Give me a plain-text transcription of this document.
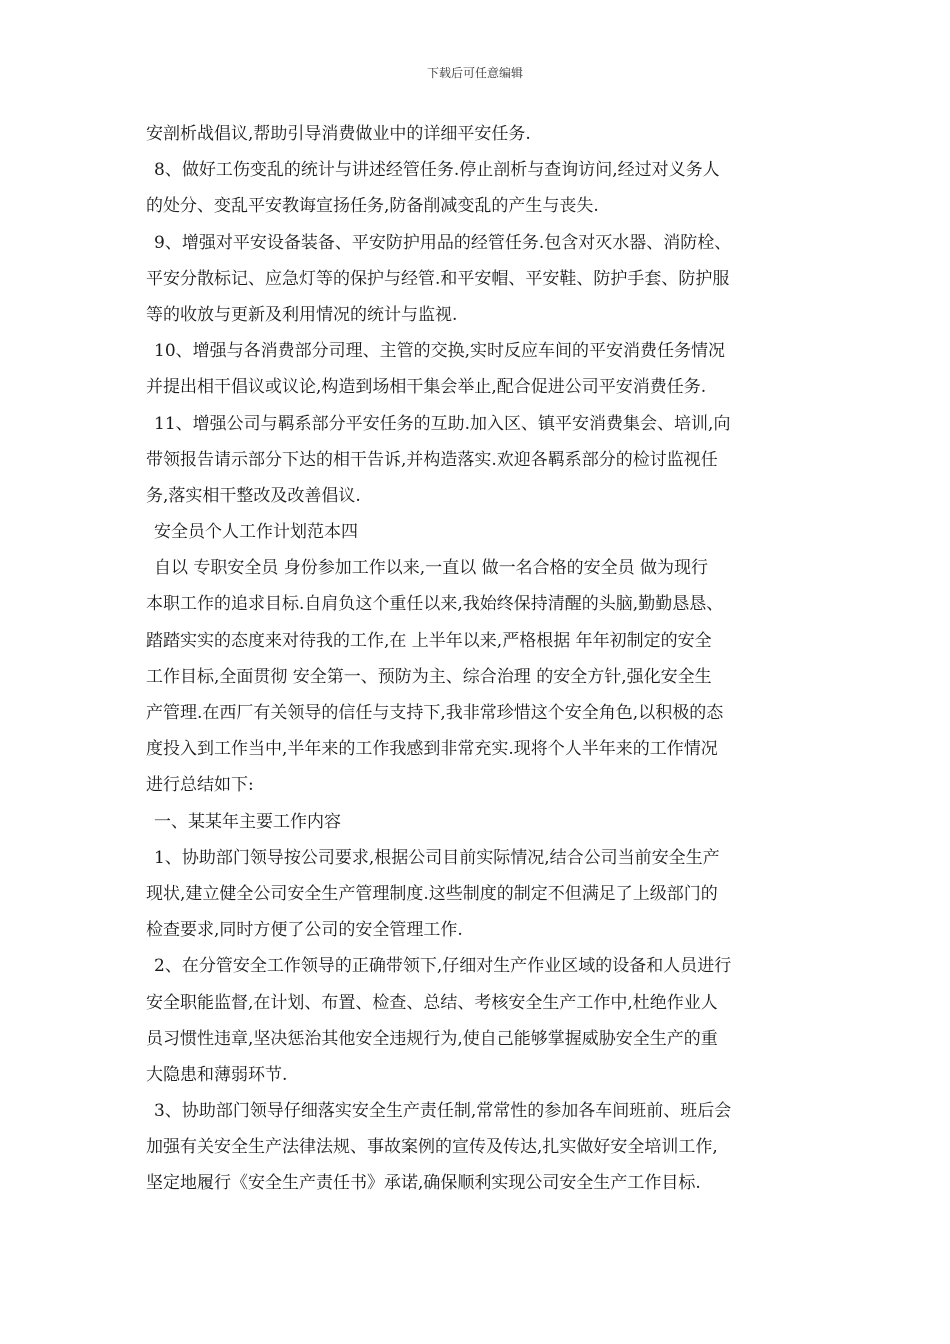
下载后可任意编辑
安剖析战倡议,帮助引导消费做业中的详细平安任务.
8、做好工伤变乱的统计与讲述经管任务.停止剖析与查询访问,经过对义务人
的处分、变乱平安教诲宣扬任务,防备削减变乱的产生与丧失.
9、增强对平安设备装备、平安防护用品的经管任务.包含对灭水器、消防栓、
平安分散标记、应急灯等的保护与经管.和平安帽、平安鞋、防护手套、防护服
等的收放与更新及利用情况的统计与监视.
10、增强与各消费部分司理、主管的交换,实时反应车间的平安消费任务情况
并提出相干倡议或议论,构造到场相干集会举止,配合促进公司平安消费任务.
11、增强公司与羁系部分平安任务的互助.加入区、镇平安消费集会、培训,向
带领报告请示部分下达的相干告诉,并构造落实.欢迎各羁系部分的检讨监视任
务,落实相干整改及改善倡议.
安全员个人工作计划范本四
自以 专职安全员 身份参加工作以来,一直以 做一名合格的安全员 做为现行
本职工作的追求目标.自肩负这个重任以来,我始终保持清醒的头脑,勤勤恳恳、
踏踏实实的态度来对待我的工作,在 上半年以来,严格根据 年年初制定的安全
工作目标,全面贯彻 安全第一、预防为主、综合治理 的安全方针,强化安全生
产管理.在西厂有关领导的信任与支持下,我非常珍惜这个安全角色,以积极的态
度投入到工作当中,半年来的工作我感到非常充实.现将个人半年来的工作情况
进行总结如下:
一、某某年主要工作内容
1、协助部门领导按公司要求,根据公司目前实际情况,结合公司当前安全生产
现状,建立健全公司安全生产管理制度.这些制度的制定不但满足了上级部门的
检查要求,同时方便了公司的安全管理工作.
2、在分管安全工作领导的正确带领下,仔细对生产作业区域的设备和人员进行
安全职能监督,在计划、布置、检查、总结、考核安全生产工作中,杜绝作业人
员习惯性违章,坚决惩治其他安全违规行为,使自己能够掌握威胁安全生产的重
大隐患和薄弱环节.
3、协助部门领导仔细落实安全生产责任制,常常性的参加各车间班前、班后会
加强有关安全生产法律法规、事故案例的宣传及传达,扎实做好安全培训工作,
坚定地履行《安全生产责任书》承诺,确保顺利实现公司安全生产工作目标.
